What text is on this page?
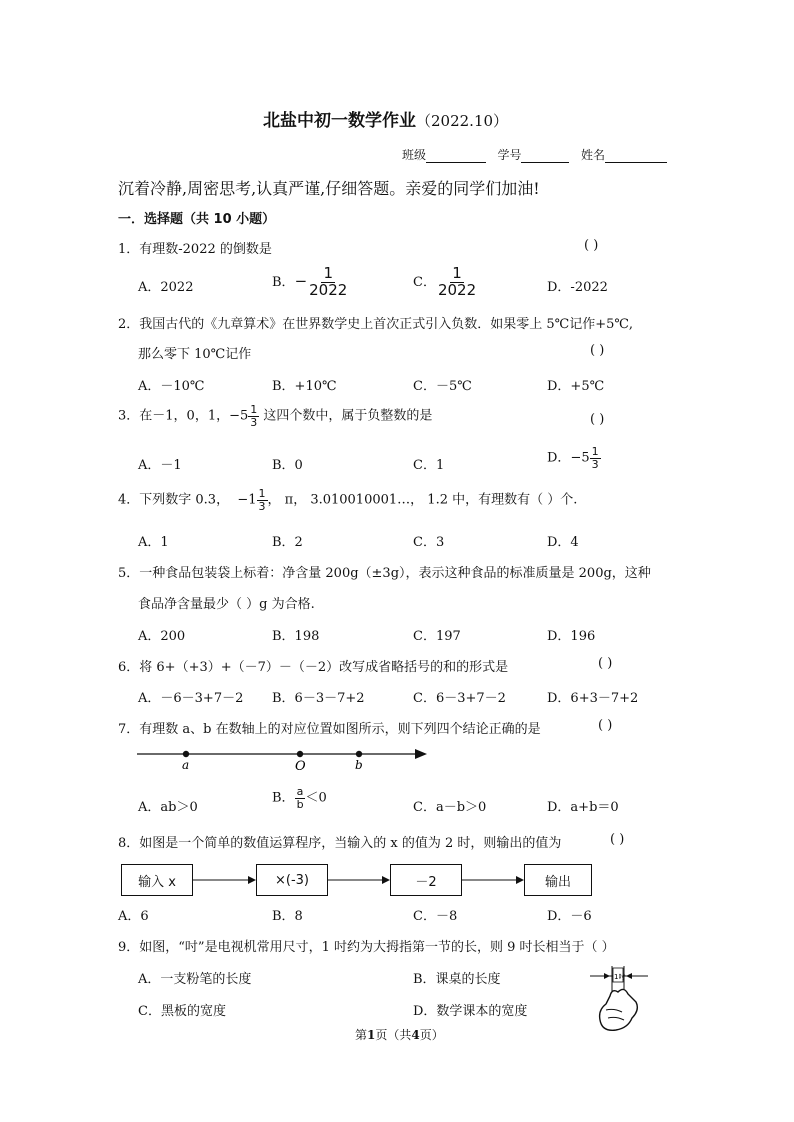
北盐中初一数学作业（2022.10）
班级	学号	姓名
沉着冷静,周密思考,认真严谨,仔细答题。亲爱的同学们加油!
一．选择题（共 10 小题）
1．有理数-2022 的倒数是	( )
A．2022	B．− $\frac{1}{2022}$	C． $\frac{1}{2022}$	D．-2022
2．我国古代的《九章算术》在世界数学史上首次正式引入负数．如果零上 5℃记作+5℃,
那么零下 10℃记作	( )
A．－10℃	B．+10℃	C．－5℃	D．+5℃
3．在－1，0，1，$-5 \frac{1}{3}$ 这四个数中，属于负整数的是	( )
A．－1	B．0	C．1	D．$-5 \frac{1}{3}$
4．下列数字 0.3， $-1 \frac{1}{3}$ ， π， 3.010010001…， 1.2 中，有理数有（ ）个.
A．1	B．2	C．3	D．4
5．一种食品包装袋上标着：净含量 200g（±3g），表示这种食品的标准质量是 200g，这种
食品净含量最少（ ）g 为合格.
A．200	B．198	C．197	D．196
6．将 6+（+3）+（－7）－（－2）改写成省略括号的和的形式是	( )
A．－6－3+7－2 B．6－3－7+2	C．6－3+7－2	D．6+3－7+2
7．有理数 a、b 在数轴上的对应位置如图所示，则下列四个结论正确的是	( )
a	O	b
A．ab＞0
B． $\frac{a}{b} <0$
C．a－b＞0	D．a+b＝0
8．如图是一个简单的数值运算程序，当输入的 x 的值为 2 时，则输出的值为	( )
输入 x	×(-3)	－2	输出
A．6	B．8	C．－8	D．－6
9．如图，“吋”是电视机常用尺寸，1 吋约为大拇指第一节的长，则 9 吋长相当于（ ）
A．一支粉笔的长度	B．课桌的长度
C．黑板的宽度	D．数学课本的宽度
1吋
第1页（共4页）
